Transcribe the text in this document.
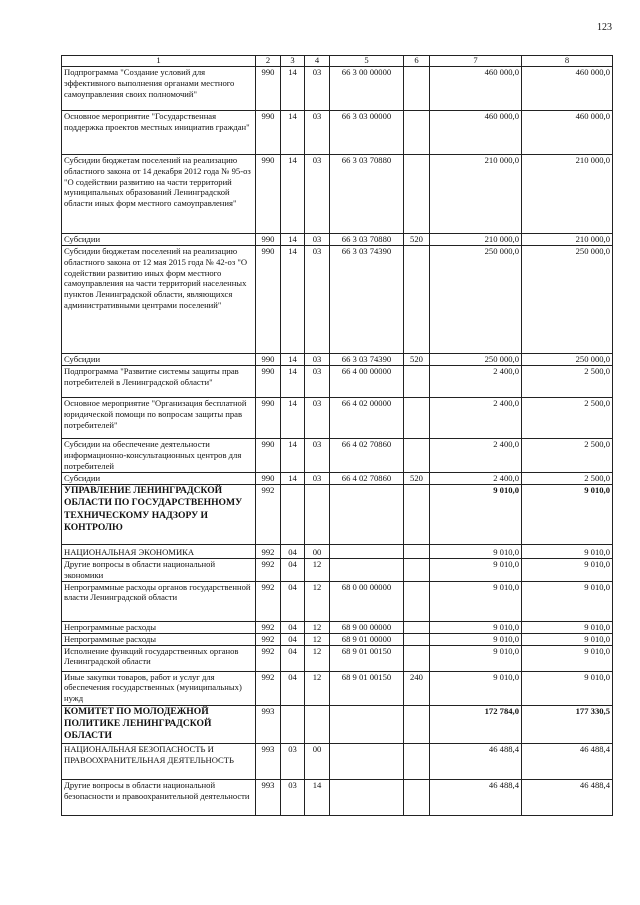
123
1	2	3	4	5	6	7	8
Подпрограмма "Создание условий для эффективного выполнения органами местного самоуправления своих полномочий"	990	14	03	66 3 00 00000		460 000,0	460 000,0
Основное мероприятие "Государственная поддержка проектов местных инициатив граждан"	990	14	03	66 3 03 00000		460 000,0	460 000,0
Субсидии бюджетам поселений на реализацию областного закона от 14 декабря 2012 года № 95-оз "О содействии развитию на части территорий муниципальных образований Ленинградской области иных форм местного самоуправления"	990	14	03	66 3 03 70880		210 000,0	210 000,0
Субсидии	990	14	03	66 3 03 70880	520	210 000,0	210 000,0
Субсидии бюджетам поселений на реализацию областного закона от 12 мая 2015 года № 42-оз "О содействии развитию иных форм местного самоуправления на части территорий населенных пунктов Ленинградской области, являющихся административными центрами поселений"	990	14	03	66 3 03 74390		250 000,0	250 000,0
Субсидии	990	14	03	66 3 03 74390	520	250 000,0	250 000,0
Подпрограмма "Развитие системы защиты прав потребителей в Ленинградской области"	990	14	03	66 4 00 00000		2 400,0	2 500,0
Основное мероприятие "Организация бесплатной юридической помощи по вопросам защиты прав потребителей"	990	14	03	66 4 02 00000		2 400,0	2 500,0
Субсидии на обеспечение деятельности информационно-консультационных центров для потребителей	990	14	03	66 4 02 70860		2 400,0	2 500,0
Субсидии	990	14	03	66 4 02 70860	520	2 400,0	2 500,0
УПРАВЛЕНИЕ ЛЕНИНГРАДСКОЙ ОБЛАСТИ ПО ГОСУДАРСТВЕННОМУ ТЕХНИЧЕСКОМУ НАДЗОРУ И КОНТРОЛЮ	992					9 010,0	9 010,0
НАЦИОНАЛЬНАЯ ЭКОНОМИКА	992	04	00			9 010,0	9 010,0
Другие вопросы в области национальной экономики	992	04	12			9 010,0	9 010,0
Непрограммные расходы органов государственной власти Ленинградской области	992	04	12	68 0 00 00000		9 010,0	9 010,0
Непрограммные расходы	992	04	12	68 9 00 00000		9 010,0	9 010,0
Непрограммные расходы	992	04	12	68 9 01 00000		9 010,0	9 010,0
Исполнение функций государственных органов Ленинградской области	992	04	12	68 9 01 00150		9 010,0	9 010,0
Иные закупки товаров, работ и услуг для обеспечения государственных (муниципальных) нужд	992	04	12	68 9 01 00150	240	9 010,0	9 010,0
КОМИТЕТ ПО МОЛОДЕЖНОЙ ПОЛИТИКЕ ЛЕНИНГРАДСКОЙ ОБЛАСТИ	993					172 784,0	177 330,5
НАЦИОНАЛЬНАЯ БЕЗОПАСНОСТЬ И ПРАВООХРАНИТЕЛЬНАЯ ДЕЯТЕЛЬНОСТЬ	993	03	00			46 488,4	46 488,4
Другие вопросы в области национальной безопасности и правоохранительной деятельности	993	03	14			46 488,4	46 488,4
